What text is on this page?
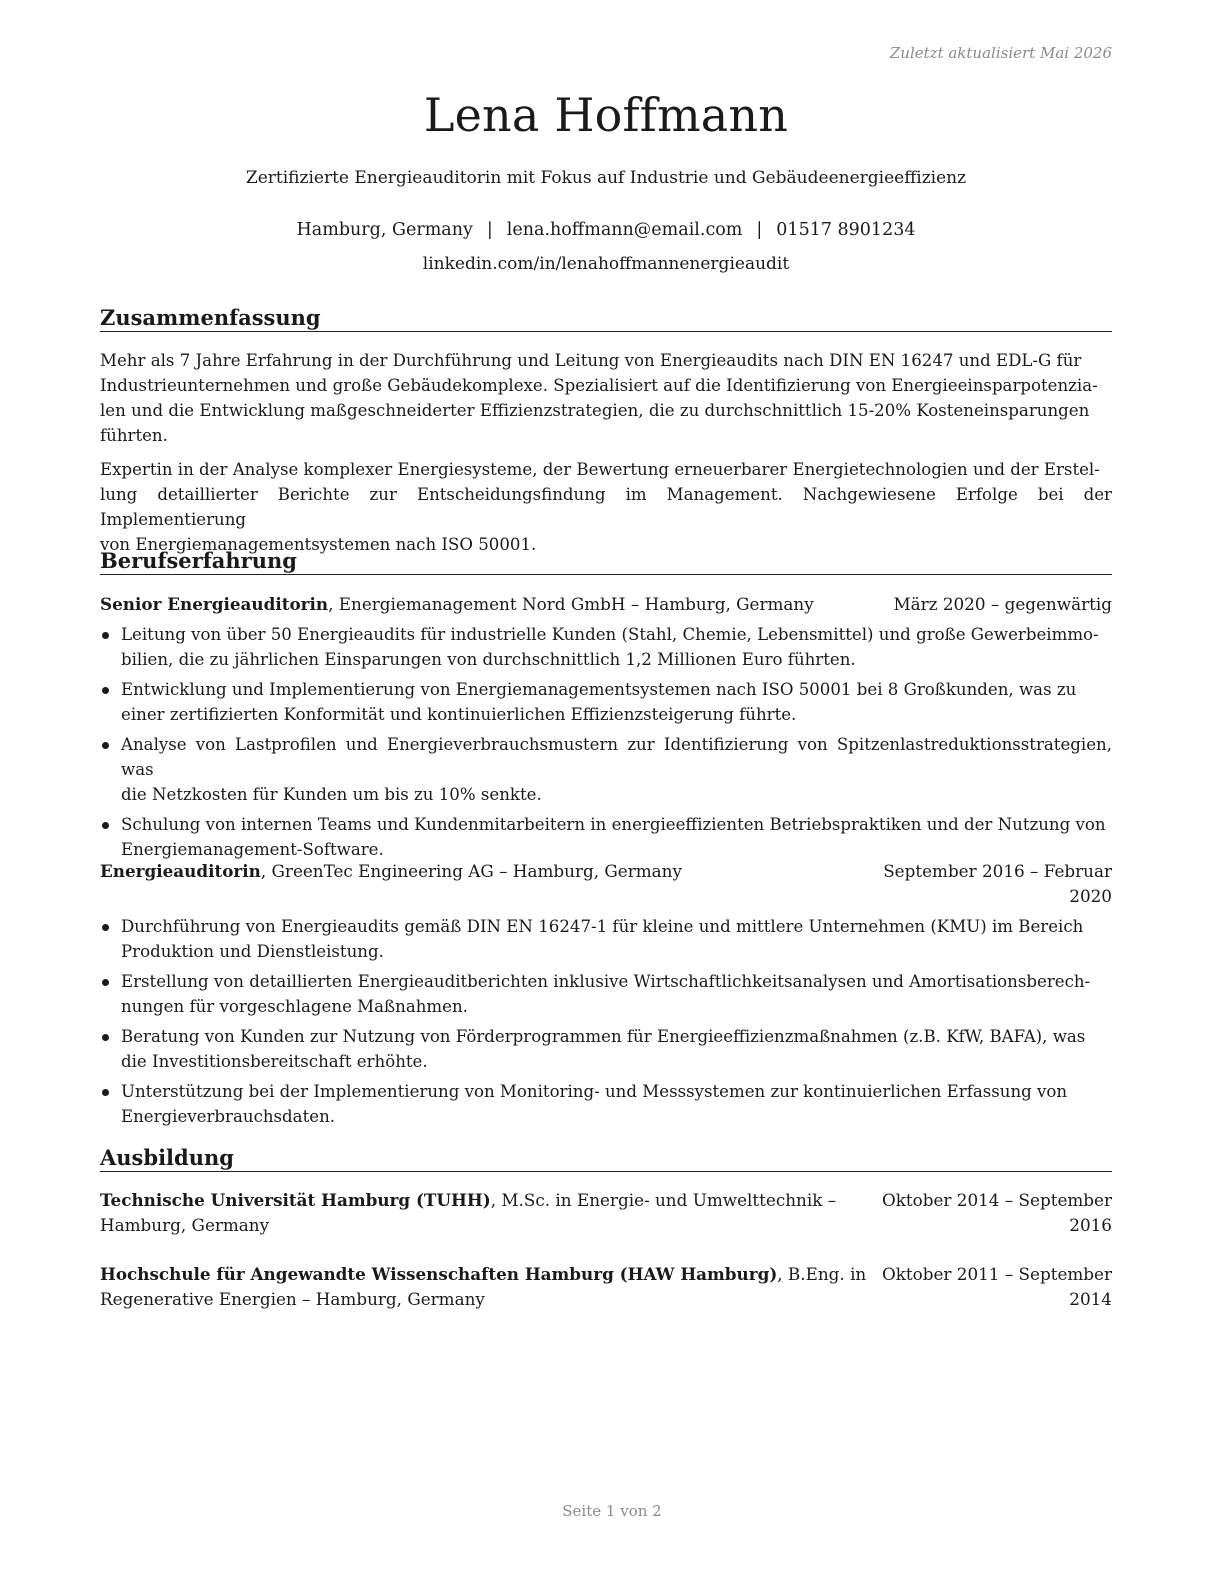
Zuletzt aktualisiert Mai 2026
Lena Hoffmann
Zertifizierte Energieauditorin mit Fokus auf Industrie und Gebäudeenergieeffizienz
Hamburg, Germany | lena.hoffmann@email.com | 01517 8901234
linkedin.com/in/lenahoffmannenergieaudit
Zusammenfassung
Mehr als 7 Jahre Erfahrung in der Durchführung und Leitung von Energieaudits nach DIN EN 16247 und EDL-G für
Industrieunternehmen und große Gebäudekomplexe. Spezialisiert auf die Identifizierung von Energieeinsparpotenzia-
len und die Entwicklung maßgeschneiderter Effizienzstrategien, die zu durchschnittlich 15-20% Kosteneinsparungen
führten.
Expertin in der Analyse komplexer Energiesysteme, der Bewertung erneuerbarer Energietechnologien und der Erstel-
lung detaillierter Berichte zur Entscheidungsfindung im Management. Nachgewiesene Erfolge bei der Implementierung
von Energiemanagementsystemen nach ISO 50001.
Berufserfahrung
Senior Energieauditorin, Energiemanagement Nord GmbH – Hamburg, Germany	März 2020 – gegenwärtig
Leitung von über 50 Energieaudits für industrielle Kunden (Stahl, Chemie, Lebensmittel) und große Gewerbeimmo-
bilien, die zu jährlichen Einsparungen von durchschnittlich 1,2 Millionen Euro führten.
Entwicklung und Implementierung von Energiemanagementsystemen nach ISO 50001 bei 8 Großkunden, was zu
einer zertifizierten Konformität und kontinuierlichen Effizienzsteigerung führte.
Analyse von Lastprofilen und Energieverbrauchsmustern zur Identifizierung von Spitzenlastreduktionsstrategien, was
die Netzkosten für Kunden um bis zu 10% senkte.
Schulung von internen Teams und Kundenmitarbeitern in energieeffizienten Betriebspraktiken und der Nutzung von
Energiemanagement-Software.
Energieauditorin, GreenTec Engineering AG – Hamburg, Germany	September 2016 – Februar
2020
Durchführung von Energieaudits gemäß DIN EN 16247-1 für kleine und mittlere Unternehmen (KMU) im Bereich
Produktion und Dienstleistung.
Erstellung von detaillierten Energieauditberichten inklusive Wirtschaftlichkeitsanalysen und Amortisationsberech-
nungen für vorgeschlagene Maßnahmen.
Beratung von Kunden zur Nutzung von Förderprogrammen für Energieeffizienzmaßnahmen (z.B. KfW, BAFA), was
die Investitionsbereitschaft erhöhte.
Unterstützung bei der Implementierung von Monitoring- und Messsystemen zur kontinuierlichen Erfassung von
Energieverbrauchsdaten.
Ausbildung
Technische Universität Hamburg (TUHH), M.Sc. in Energie- und Umwelttechnik –
Hamburg, Germany
Oktober 2014 – September
2016
Hochschule für Angewandte Wissenschaften Hamburg (HAW Hamburg), B.Eng. in
Regenerative Energien – Hamburg, Germany
Oktober 2011 – September
2014
Seite 1 von 2
